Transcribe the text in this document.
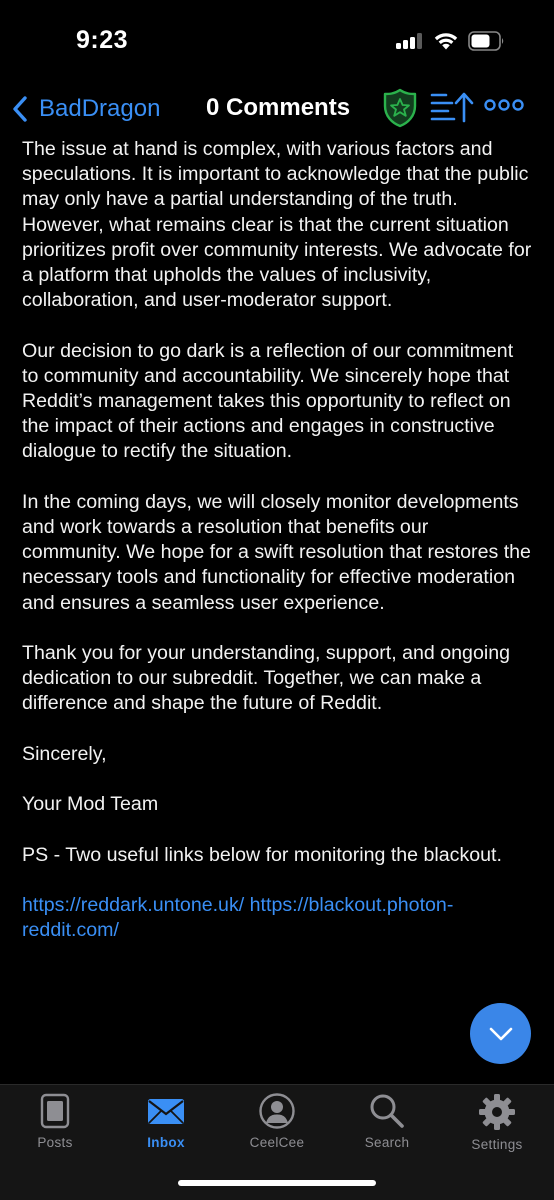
9:23
BadDragon 0 Comments

The issue at hand is complex, with various factors and speculations. It is important to acknowledge that the public may only have a partial understanding of the truth. However, what remains clear is that the current situation prioritizes profit over community interests. We advocate for a platform that upholds the values of inclusivity, collaboration, and user-moderator support.

Our decision to go dark is a reflection of our commitment to community and accountability. We sincerely hope that Reddit’s management takes this opportunity to reflect on the impact of their actions and engages in constructive dialogue to rectify the situation.

In the coming days, we will closely monitor developments and work towards a resolution that benefits our community. We hope for a swift resolution that restores the necessary tools and functionality for effective moderation and ensures a seamless user experience.

Thank you for your understanding, support, and ongoing dedication to our subreddit. Together, we can make a difference and shape the future of Reddit.

Sincerely,

Your Mod Team

PS - Two useful links below for monitoring the blackout.

https://reddark.untone.uk/ https://blackout.photon-reddit.com/

Posts	Inbox	CeelCee	Search	Settings
